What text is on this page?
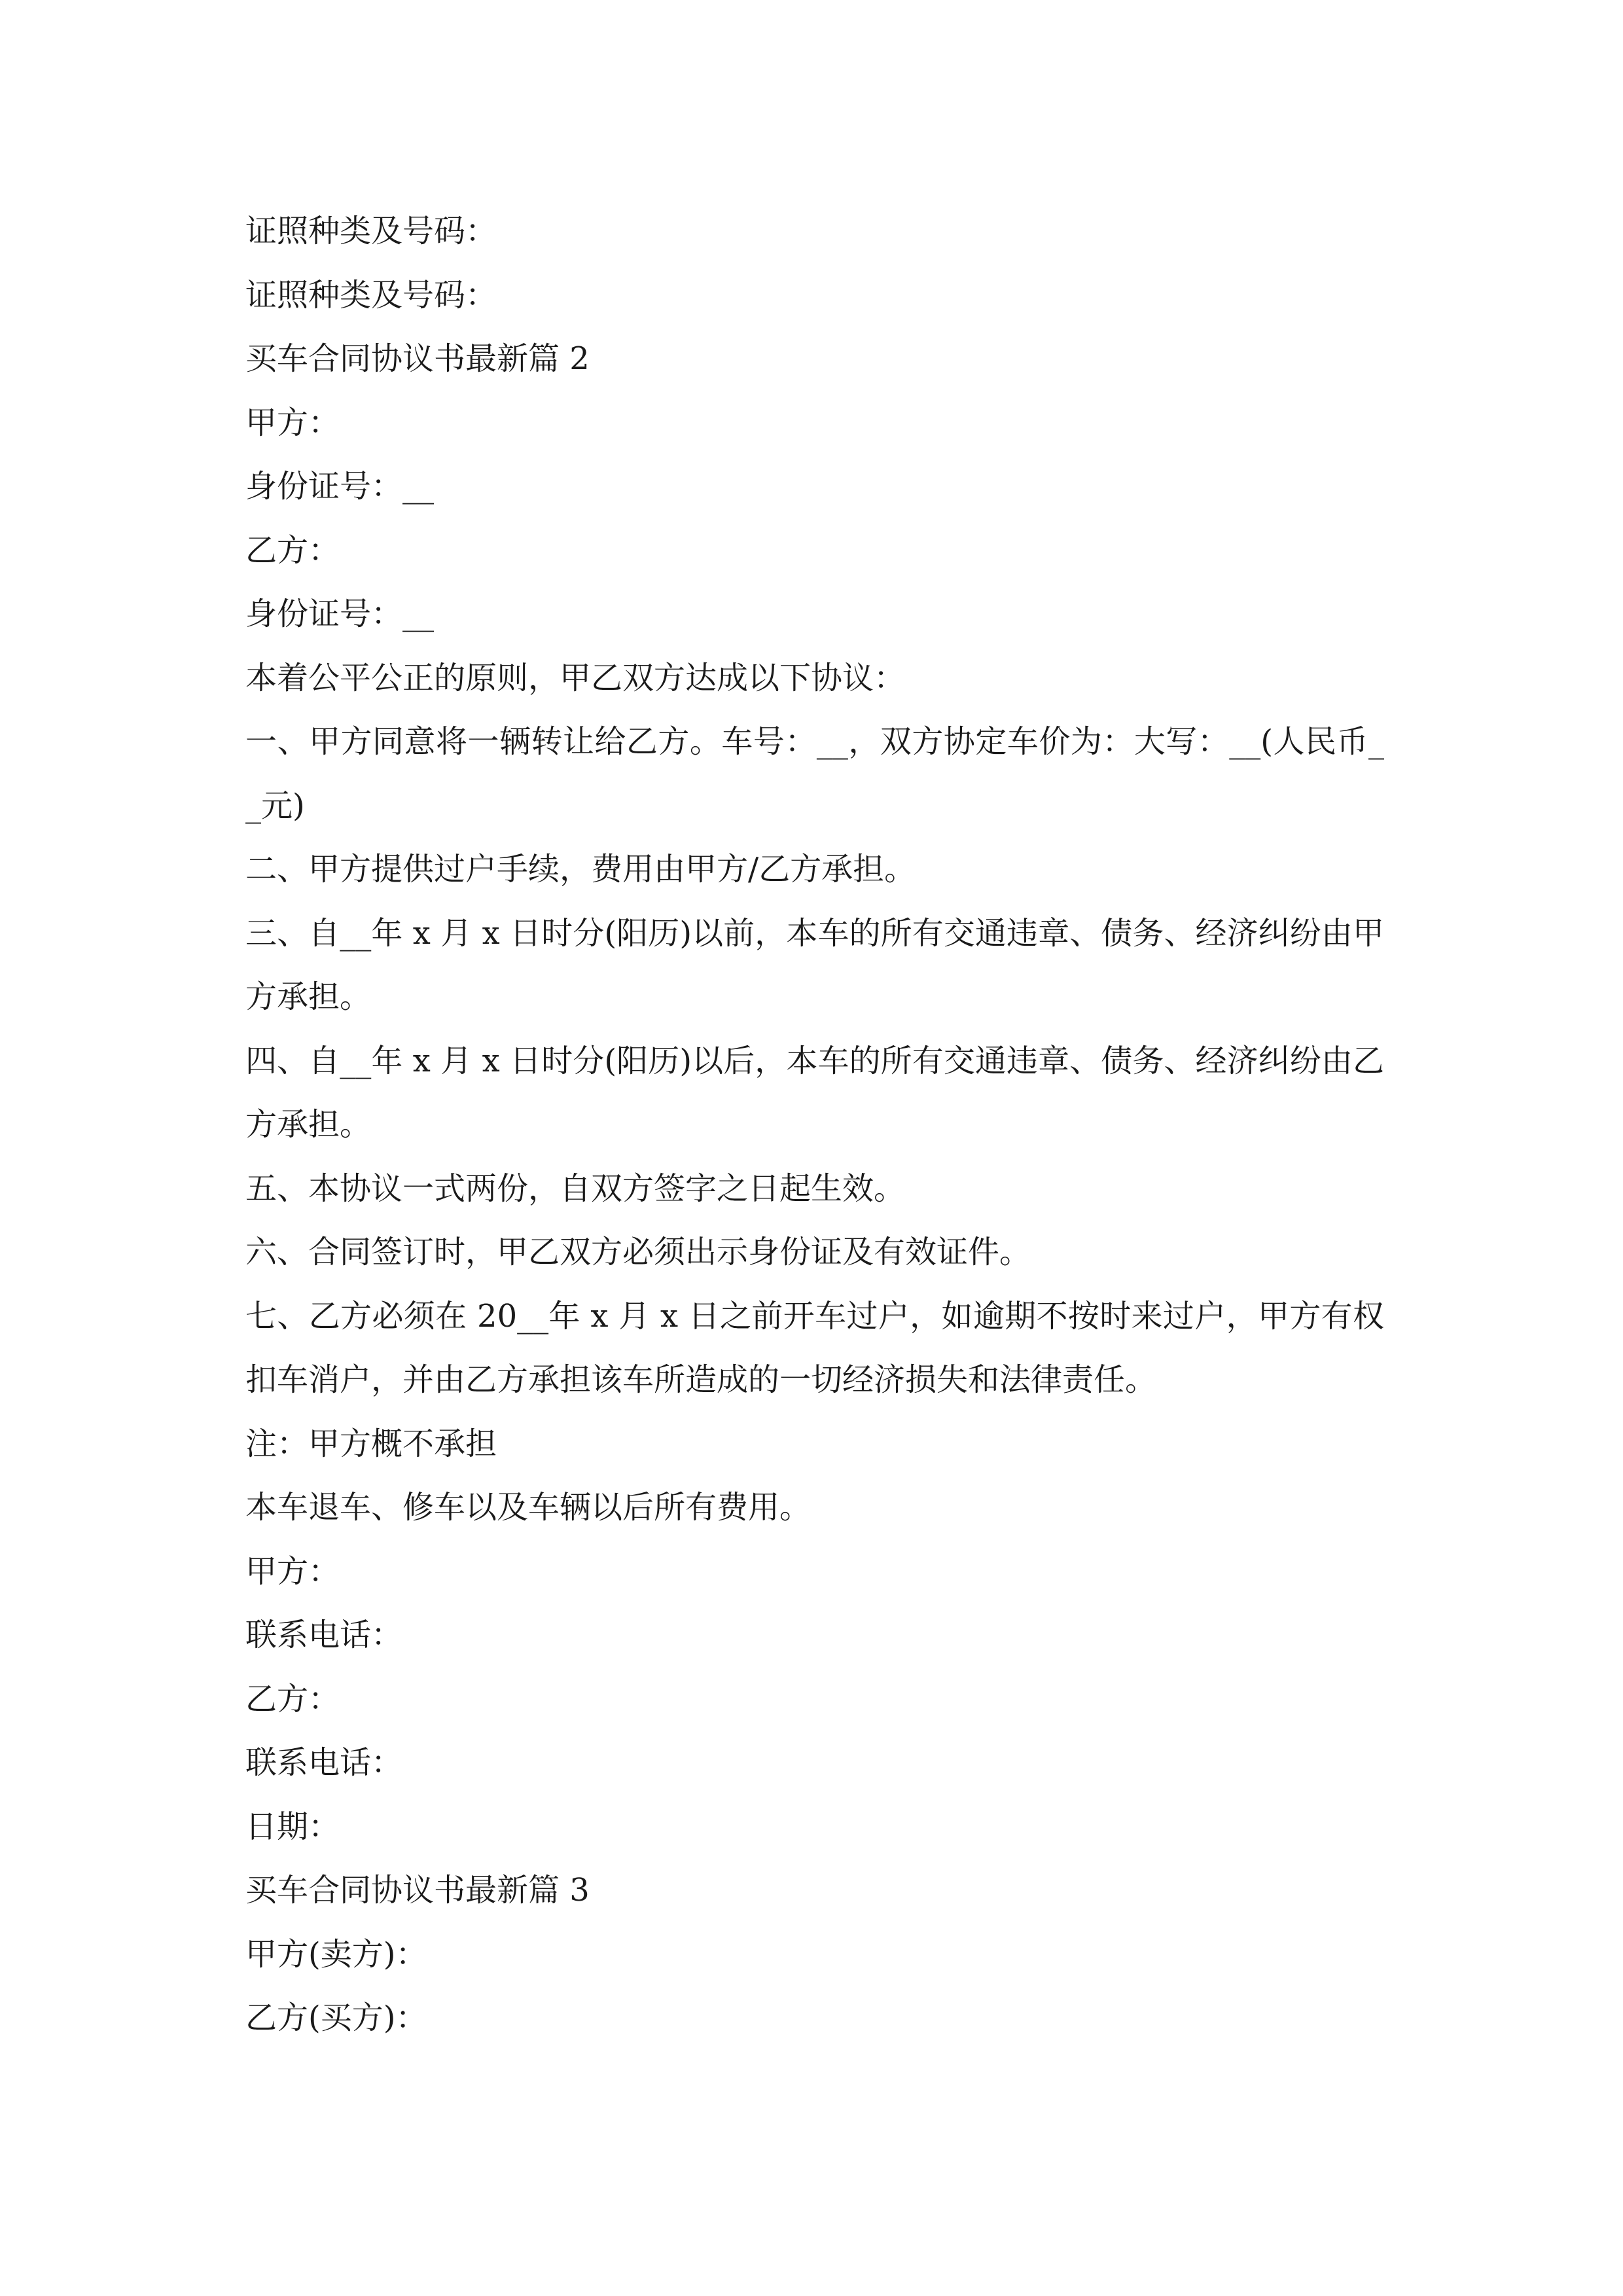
证照种类及号码：
证照种类及号码：
买车合同协议书最新篇 2
甲方：
身份证号：__
乙方：
身份证号：__
本着公平公正的原则，甲乙双方达成以下协议：
一、甲方同意将一辆转让给乙方。车号：__，双方协定车价为：大写：__(人民币__元)
二、甲方提供过户手续，费用由甲方/乙方承担。
三、自__年 x 月 x 日时分(阳历)以前，本车的所有交通违章、债务、经济纠纷由甲方承担。
四、自__年 x 月 x 日时分(阳历)以后，本车的所有交通违章、债务、经济纠纷由乙方承担。
五、本协议一式两份，自双方签字之日起生效。
六、合同签订时，甲乙双方必须出示身份证及有效证件。
七、乙方必须在 20__年 x 月 x 日之前开车过户，如逾期不按时来过户，甲方有权扣车消户，并由乙方承担该车所造成的一切经济损失和法律责任。
注：甲方概不承担
本车退车、修车以及车辆以后所有费用。
甲方：
联系电话：
乙方：
联系电话：
日期：
买车合同协议书最新篇 3
甲方(卖方)：
乙方(买方)：
